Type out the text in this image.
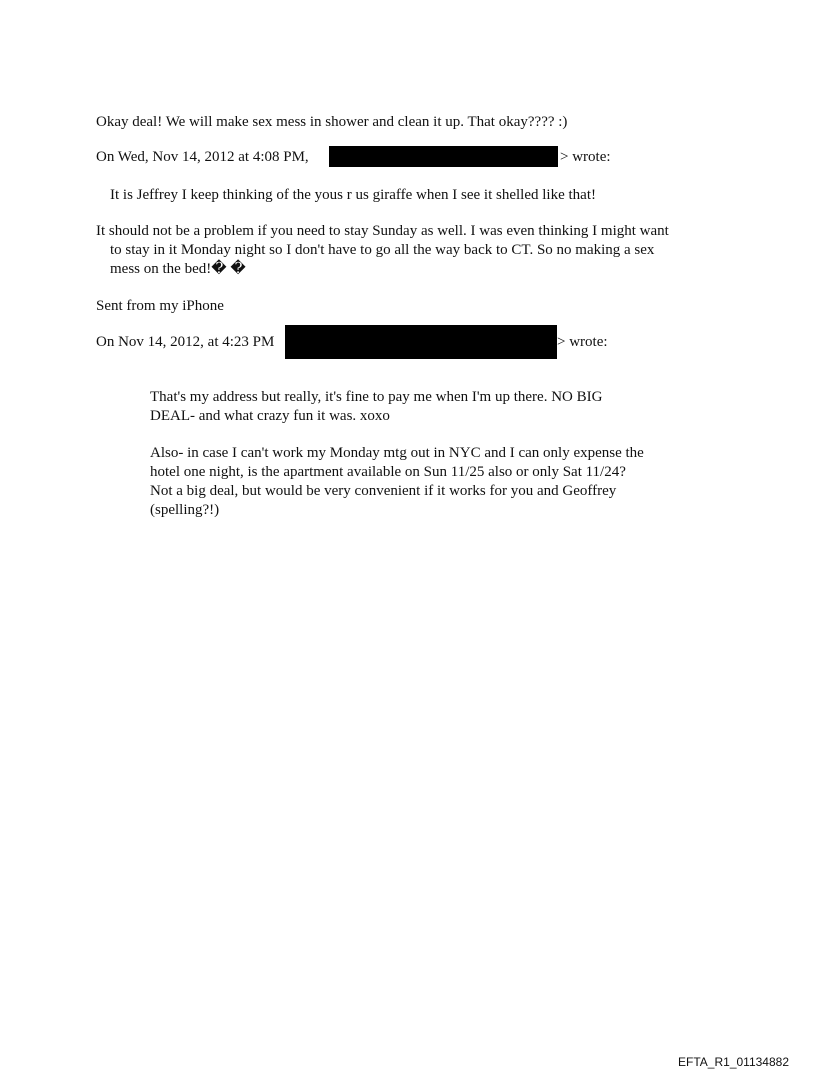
Okay deal! We will make sex mess in shower and clean it up. That okay???? :)
On Wed, Nov 14, 2012 at 4:08 PM,	> wrote:
It is Jeffrey I keep thinking of the yous r us giraffe when I see it shelled like that!
It should not be a problem if you need to stay Sunday as well. I was even thinking I might want
to stay in it Monday night so I don't have to go all the way back to CT. So no making a sex
mess on the bed!� �
Sent from my iPhone
On Nov 14, 2012, at 4:23 PM	> wrote:
That's my address but really, it's fine to pay me when I'm up there. NO BIG
DEAL- and what crazy fun it was. xoxo
Also- in case I can't work my Monday mtg out in NYC and I can only expense the
hotel one night, is the apartment available on Sun 11/25 also or only Sat 11/24?
Not a big deal, but would be very convenient if it works for you and Geoffrey
(spelling?!)
EFTA_R1_01134882
